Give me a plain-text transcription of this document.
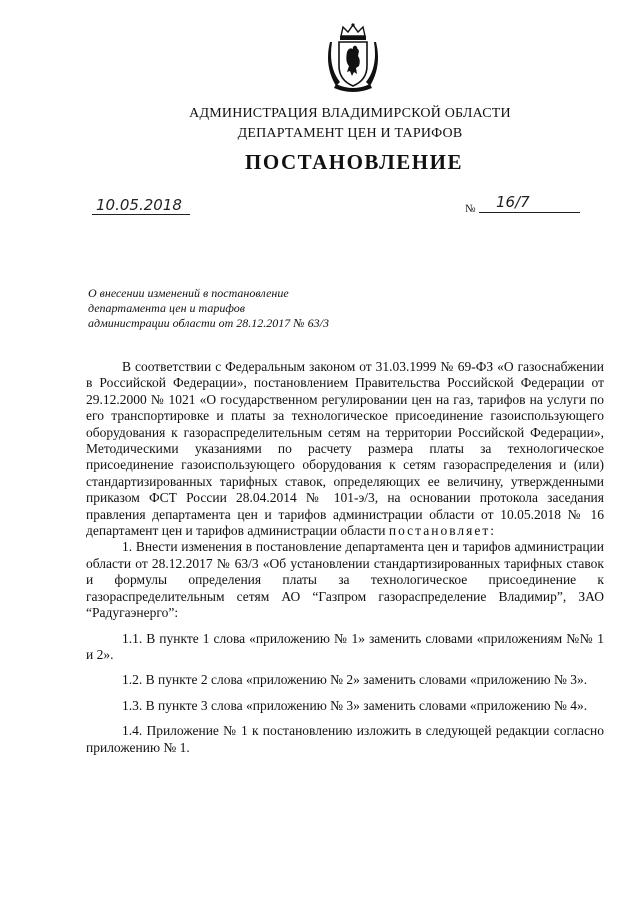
АДМИНИСТРАЦИЯ ВЛАДИМИРСКОЙ ОБЛАСТИ
ДЕПАРТАМЕНТ ЦЕН И ТАРИФОВ
ПОСТАНОВЛЕНИЕ
10.05.2018	№ 16/7
О внесении изменений в постановление
департамента цен и тарифов
администрации области от 28.12.2017 № 63/3

В соответствии с Федеральным законом от 31.03.1999 № 69-ФЗ «О газоснабжении в Российской Федерации», постановлением Правительства Российской Федерации от 29.12.2000 № 1021 «О государственном регулировании цен на газ, тарифов на услуги по его транспортировке и платы за технологическое присоединение газоиспользующего оборудования к газораспределительным сетям на территории Российской Федерации», Методическими указаниями по расчету размера платы за технологическое присоединение газоиспользующего оборудования к сетям газораспределения и (или) стандартизированных тарифных ставок, определяющих ее величину, утвержденными приказом ФСТ России 28.04.2014 № 101-э/3, на основании протокола заседания правления департамента цен и тарифов администрации области от 10.05.2018 № 16 департамент цен и тарифов администрации области постановляет:

1. Внести изменения в постановление департамента цен и тарифов администрации области от 28.12.2017 № 63/3 «Об установлении стандартизированных тарифных ставок и формулы определения платы за технологическое присоединение к газораспределительным сетям АО “Газпром газораспределение Владимир”, ЗАО “Радугаэнерго”:

1.1. В пункте 1 слова «приложению № 1» заменить словами «приложениям №№ 1 и 2».

1.2. В пункте 2 слова «приложению № 2» заменить словами «приложению № 3».

1.3. В пункте 3 слова «приложению № 3» заменить словами «приложению № 4».

1.4. Приложение № 1 к постановлению изложить в следующей редакции согласно приложению № 1.
